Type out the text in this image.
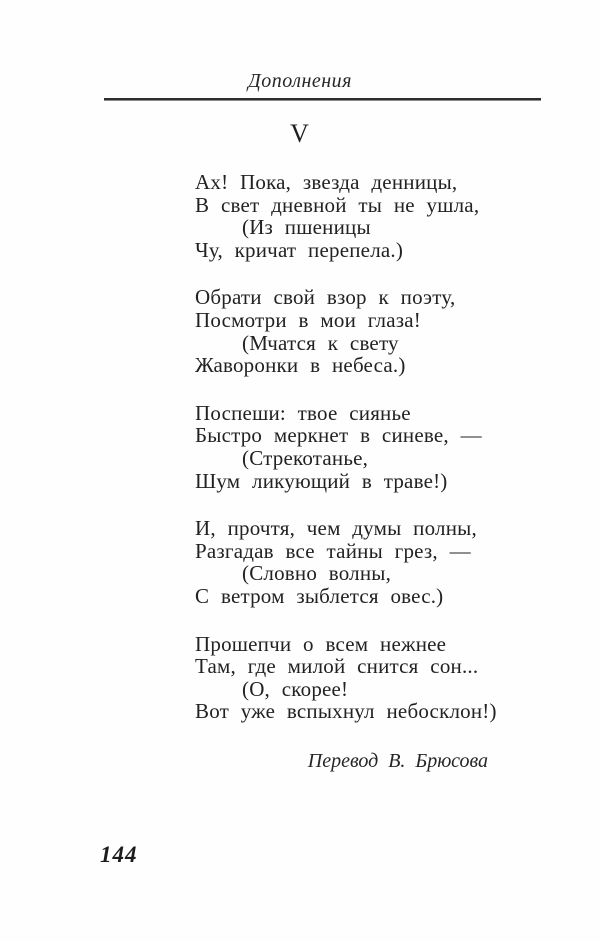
Дополнения
V
Ах! Пока, звезда денницы,
В свет дневной ты не ушла,
(Из пшеницы
Чу, кричат перепела.)
Обрати свой взор к поэту,
Посмотри в мои глаза!
(Мчатся к свету
Жаворонки в небеса.)
Поспеши: твое сиянье
Быстро меркнет в синеве, —
(Стрекотанье,
Шум ликующий в траве!)
И, прочтя, чем думы полны,
Разгадав все тайны грез, —
(Словно волны,
С ветром зыблется овес.)
Прошепчи о всем нежнее
Там, где милой снится сон...
(О, скорее!
Вот уже вспыхнул небосклон!)
Перевод В. Брюсова
144
